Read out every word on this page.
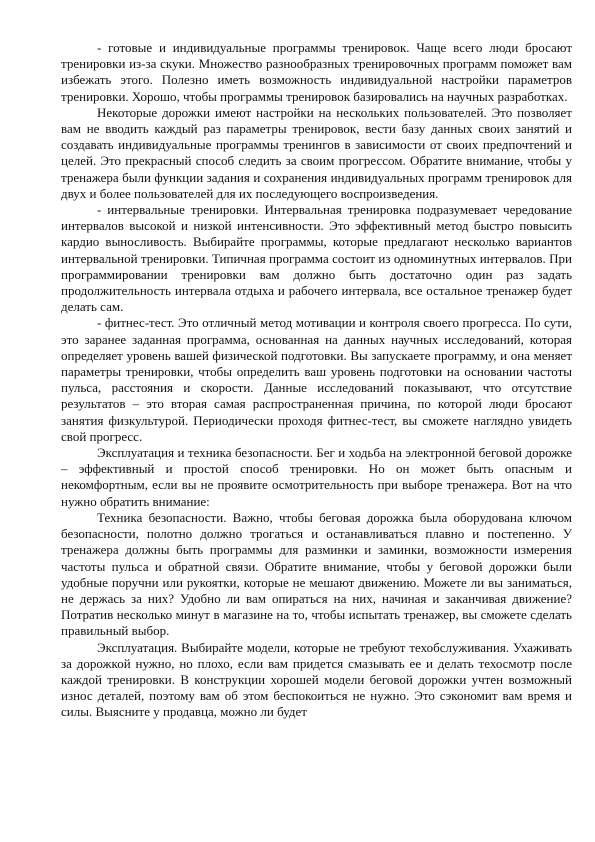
- готовые и индивидуальные программы тренировок. Чаще всего люди бросают тренировки из-за скуки. Множество разнообразных тренировочных программ поможет вам избежать этого. Полезно иметь возможность индивидуальной настройки параметров тренировки. Хорошо, чтобы программы тренировок базировались на научных разработках.

Некоторые дорожки имеют настройки на нескольких пользователей. Это позволяет вам не вводить каждый раз параметры тренировок, вести базу данных своих занятий и создавать индивидуальные программы тренингов в зависимости от своих предпочтений и целей. Это прекрасный способ следить за своим прогрессом. Обратите внимание, чтобы у тренажера были функции задания и сохранения индивидуальных программ тренировок для двух и более пользователей для их последующего воспроизведения.

- интервальные тренировки. Интервальная тренировка подразумевает чередование интервалов высокой и низкой интенсивности. Это эффективный метод быстро повысить кардио выносливость. Выбирайте программы, которые предлагают несколько вариантов интервальной тренировки. Типичная программа состоит из одноминутных интервалов. При программировании тренировки вам должно быть достаточно один раз задать продолжительность интервала отдыха и рабочего интервала, все остальное тренажер будет делать сам.

- фитнес-тест. Это отличный метод мотивации и контроля своего прогресса. По сути, это заранее заданная программа, основанная на данных научных исследований, которая определяет уровень вашей физической подготовки. Вы запускаете программу, и она меняет параметры тренировки, чтобы определить ваш уровень подготовки на основании частоты пульса, расстояния и скорости. Данные исследований показывают, что отсутствие результатов – это вторая самая распространенная причина, по которой люди бросают занятия физкультурой. Периодически проходя фитнес-тест, вы сможете наглядно увидеть свой прогресс.

Эксплуатация и техника безопасности. Бег и ходьба на электронной беговой дорожке – эффективный и простой способ тренировки. Но он может быть опасным и некомфортным, если вы не проявите осмотрительность при выборе тренажера. Вот на что нужно обратить внимание:

Техника безопасности. Важно, чтобы беговая дорожка была оборудована ключом безопасности, полотно должно трогаться и останавливаться плавно и постепенно. У тренажера должны быть программы для разминки и заминки, возможности измерения частоты пульса и обратной связи. Обратите внимание, чтобы у беговой дорожки были удобные поручни или рукоятки, которые не мешают движению. Можете ли вы заниматься, не держась за них? Удобно ли вам опираться на них, начиная и заканчивая движение? Потратив несколько минут в магазине на то, чтобы испытать тренажер, вы сможете сделать правильный выбор.

Эксплуатация. Выбирайте модели, которые не требуют техобслуживания. Ухаживать за дорожкой нужно, но плохо, если вам придется смазывать ее и делать техосмотр после каждой тренировки. В конструкции хорошей модели беговой дорожки учтен возможный износ деталей, поэтому вам об этом беспокоиться не нужно. Это сэкономит вам время и силы. Выясните у продавца, можно ли будет
